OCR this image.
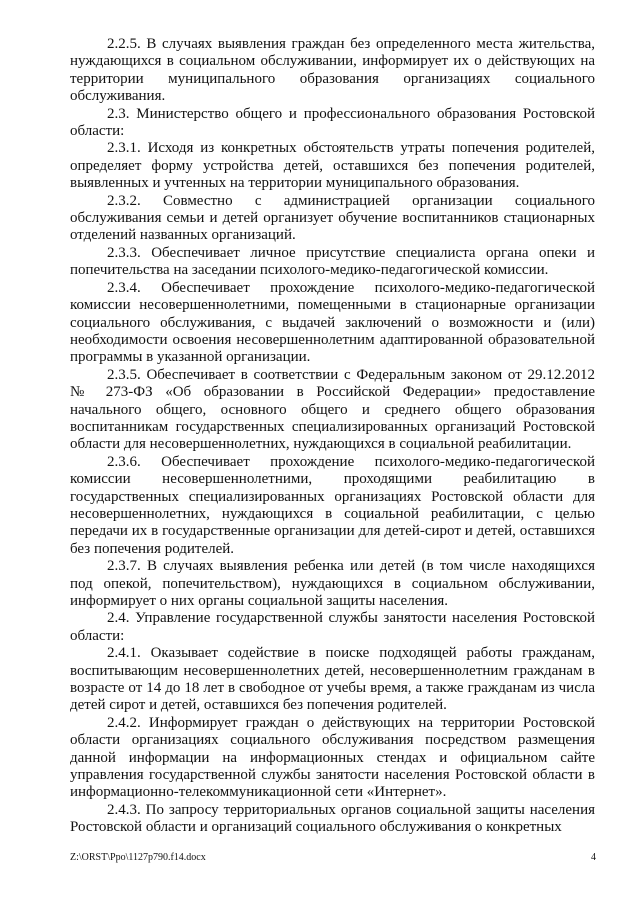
2.2.5. В случаях выявления граждан без определенного места жительства, нуждающихся в социальном обслуживании, информирует их о действующих на территории муниципального образования организациях социального обслуживания.

2.3. Министерство общего и профессионального образования Ростовской области:

2.3.1. Исходя из конкретных обстоятельств утраты попечения родителей, определяет форму устройства детей, оставшихся без попечения родителей, выявленных и учтенных на территории муниципального образования.

2.3.2. Совместно с администрацией организации социального обслуживания семьи и детей организует обучение воспитанников стационарных отделений названных организаций.

2.3.3. Обеспечивает личное присутствие специалиста органа опеки и попечительства на заседании психолого-медико-педагогической комиссии.

2.3.4. Обеспечивает прохождение психолого-медико-педагогической комиссии несовершеннолетними, помещенными в стационарные организации социального обслуживания, с выдачей заключений о возможности и (или) необходимости освоения несовершеннолетним адаптированной образовательной программы в указанной организации.

2.3.5. Обеспечивает в соответствии с Федеральным законом от 29.12.2012 № 273-ФЗ «Об образовании в Российской Федерации» предоставление начального общего, основного общего и среднего общего образования воспитанникам государственных специализированных организаций Ростовской области для несовершеннолетних, нуждающихся в социальной реабилитации.

2.3.6. Обеспечивает прохождение психолого-медико-педагогической комиссии несовершеннолетними, проходящими реабилитацию в государственных специализированных организациях Ростовской области для несовершеннолетних, нуждающихся в социальной реабилитации, с целью передачи их в государственные организации для детей-сирот и детей, оставшихся без попечения родителей.

2.3.7. В случаях выявления ребенка или детей (в том числе находящихся под опекой, попечительством), нуждающихся в социальном обслуживании, информирует о них органы социальной защиты населения.

2.4. Управление государственной службы занятости населения Ростовской области:

2.4.1. Оказывает содействие в поиске подходящей работы гражданам, воспитывающим несовершеннолетних детей, несовершеннолетним гражданам в возрасте от 14 до 18 лет в свободное от учебы время, а также гражданам из числа детей сирот и детей, оставшихся без попечения родителей.

2.4.2. Информирует граждан о действующих на территории Ростовской области организациях социального обслуживания посредством размещения данной информации на информационных стендах и официальном сайте управления государственной службы занятости населения Ростовской области в информационно-телекоммуникационной сети «Интернет».

2.4.3. По запросу территориальных органов социальной защиты населения Ростовской области и организаций социального обслуживания о конкретных

Z:\ORST\Ppo\1127p790.f14.docx	4
